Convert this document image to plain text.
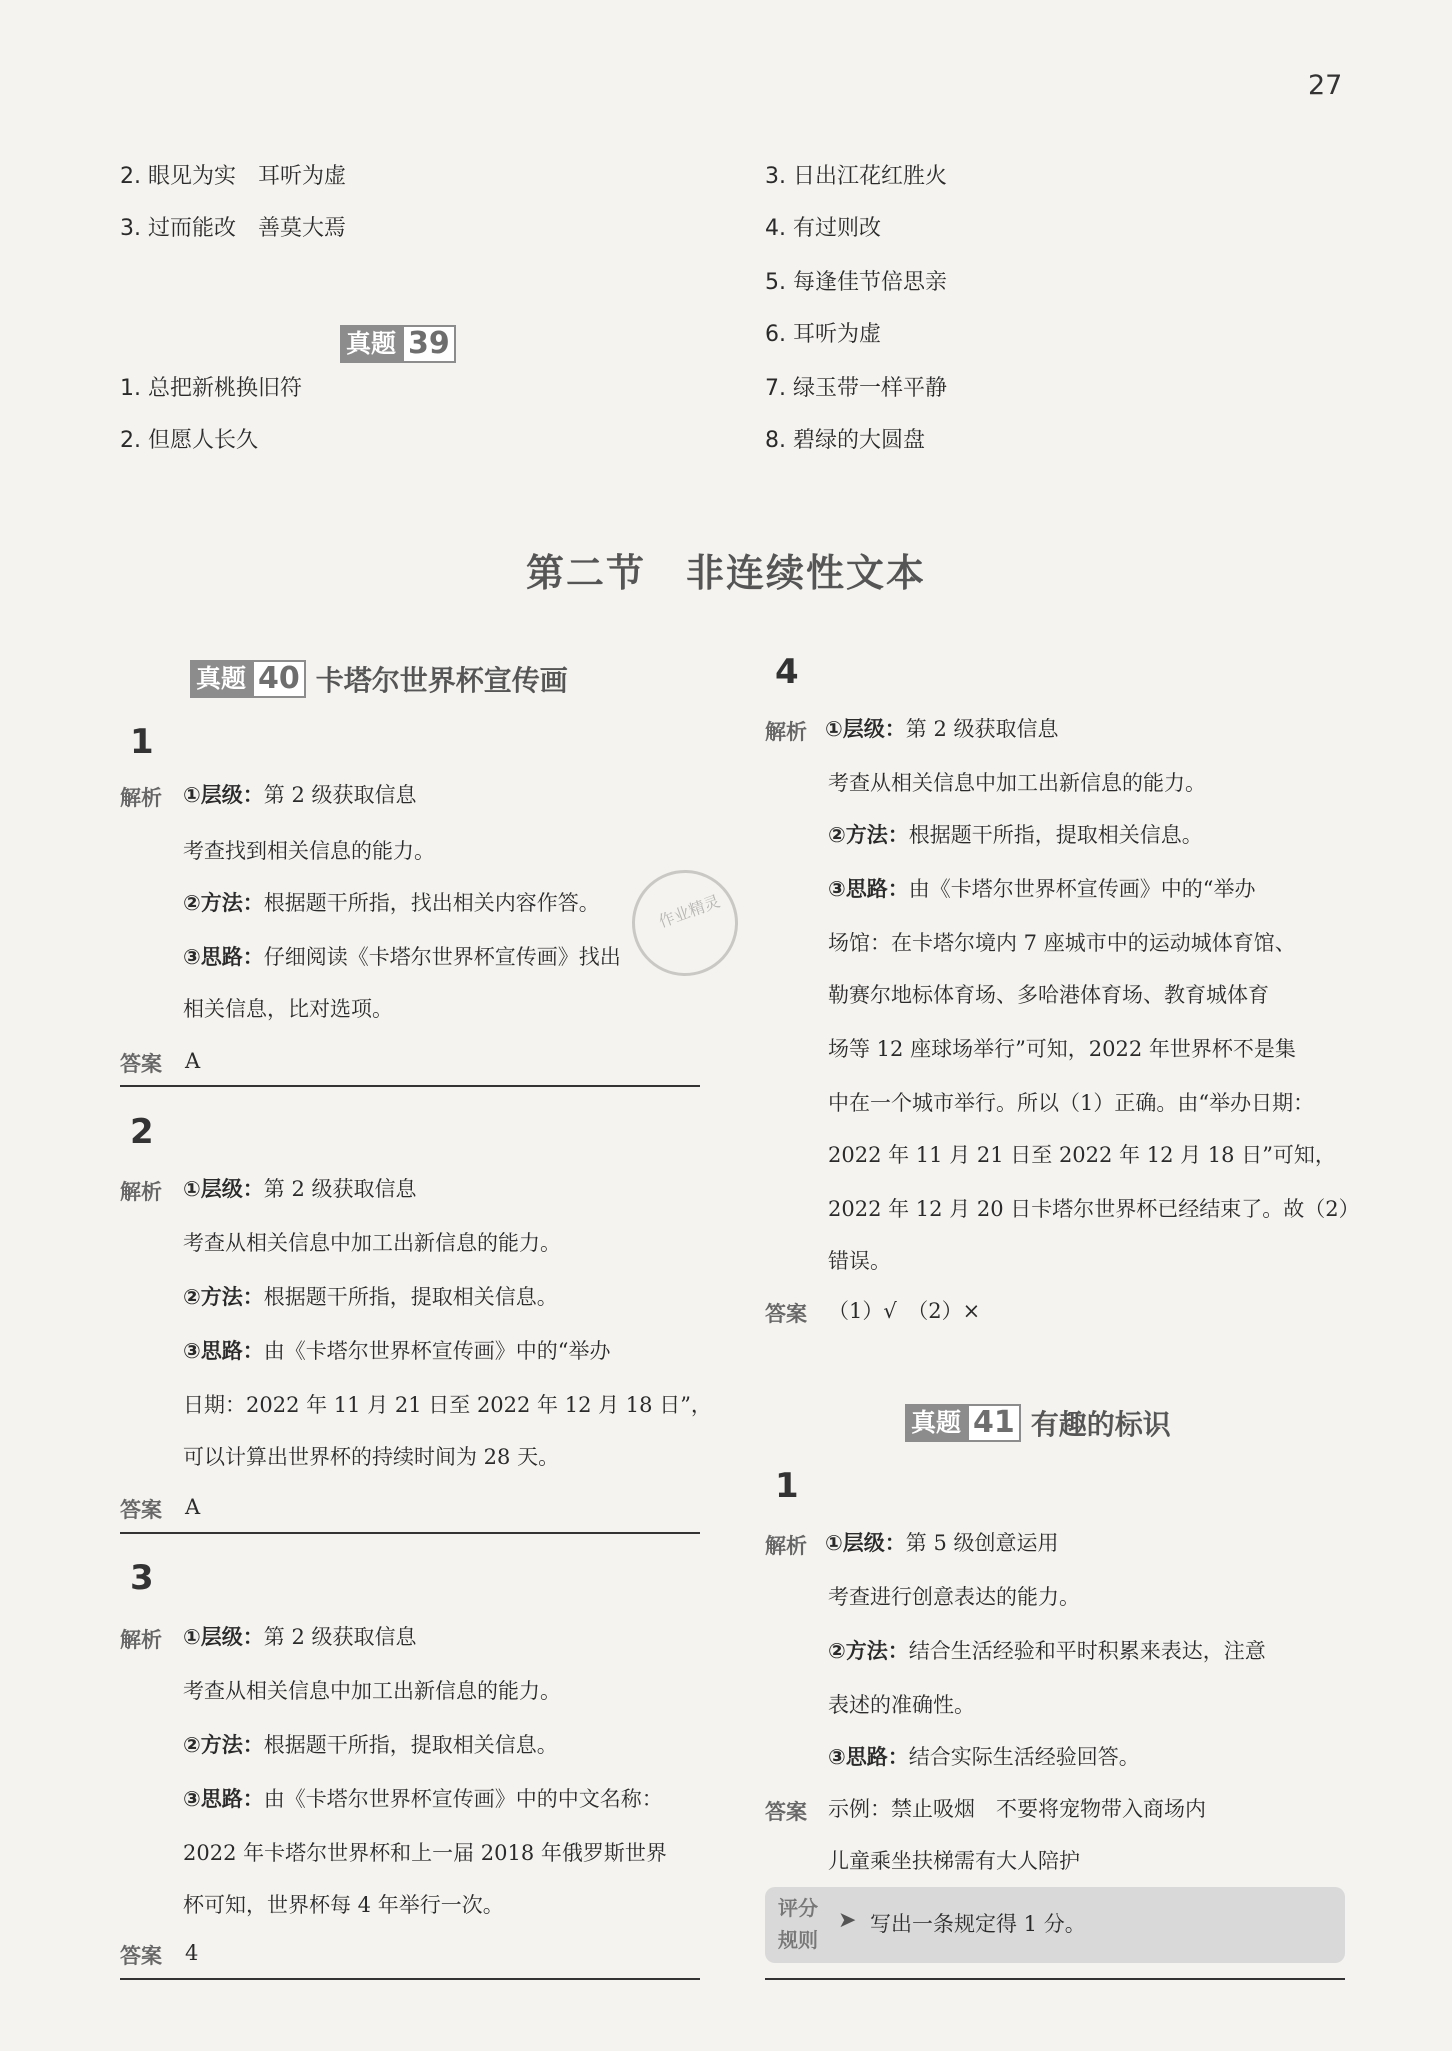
27
2. 眼见为实　耳听为虚
3. 过而能改　善莫大焉
真题 39
1. 总把新桃换旧符
2. 但愿人长久
3. 日出江花红胜火
4. 有过则改
5. 每逢佳节倍思亲
6. 耳听为虚
7. 绿玉带一样平静
8. 碧绿的大圆盘
第二节　非连续性文本
真题 40 卡塔尔世界杯宣传画
1
解析 ①层级：第 2 级获取信息
考查找到相关信息的能力。
②方法：根据题干所指，找出相关内容作答。
③思路：仔细阅读《卡塔尔世界杯宣传画》找出
相关信息，比对选项。
答案 A
2
解析 ①层级：第 2 级获取信息
考查从相关信息中加工出新信息的能力。
②方法：根据题干所指，提取相关信息。
③思路：由《卡塔尔世界杯宣传画》中的“举办
日期：2022 年 11 月 21 日至 2022 年 12 月 18 日”，
可以计算出世界杯的持续时间为 28 天。
答案 A
3
解析 ①层级：第 2 级获取信息
考查从相关信息中加工出新信息的能力。
②方法：根据题干所指，提取相关信息。
③思路：由《卡塔尔世界杯宣传画》中的中文名称：
2022 年卡塔尔世界杯和上一届 2018 年俄罗斯世界
杯可知，世界杯每 4 年举行一次。
答案 4
4
解析 ①层级：第 2 级获取信息
考查从相关信息中加工出新信息的能力。
②方法：根据题干所指，提取相关信息。
③思路：由《卡塔尔世界杯宣传画》中的“举办
场馆：在卡塔尔境内 7 座城市中的运动城体育馆、
勒赛尔地标体育场、多哈港体育场、教育城体育
场等 12 座球场举行”可知，2022 年世界杯不是集
中在一个城市举行。所以（1）正确。由“举办日期：
2022 年 11 月 21 日至 2022 年 12 月 18 日”可知，
2022 年 12 月 20 日卡塔尔世界杯已经结束了。故（2）
错误。
答案 （1）√　（2）×
真题 41 有趣的标识
1
解析 ①层级：第 5 级创意运用
考查进行创意表达的能力。
②方法：结合生活经验和平时积累来表达，注意
表述的准确性。
③思路：结合实际生活经验回答。
答案 示例：禁止吸烟　不要将宠物带入商场内
儿童乘坐扶梯需有大人陪护
评分
规则
➤ 写出一条规定得 1 分。
作业精灵
